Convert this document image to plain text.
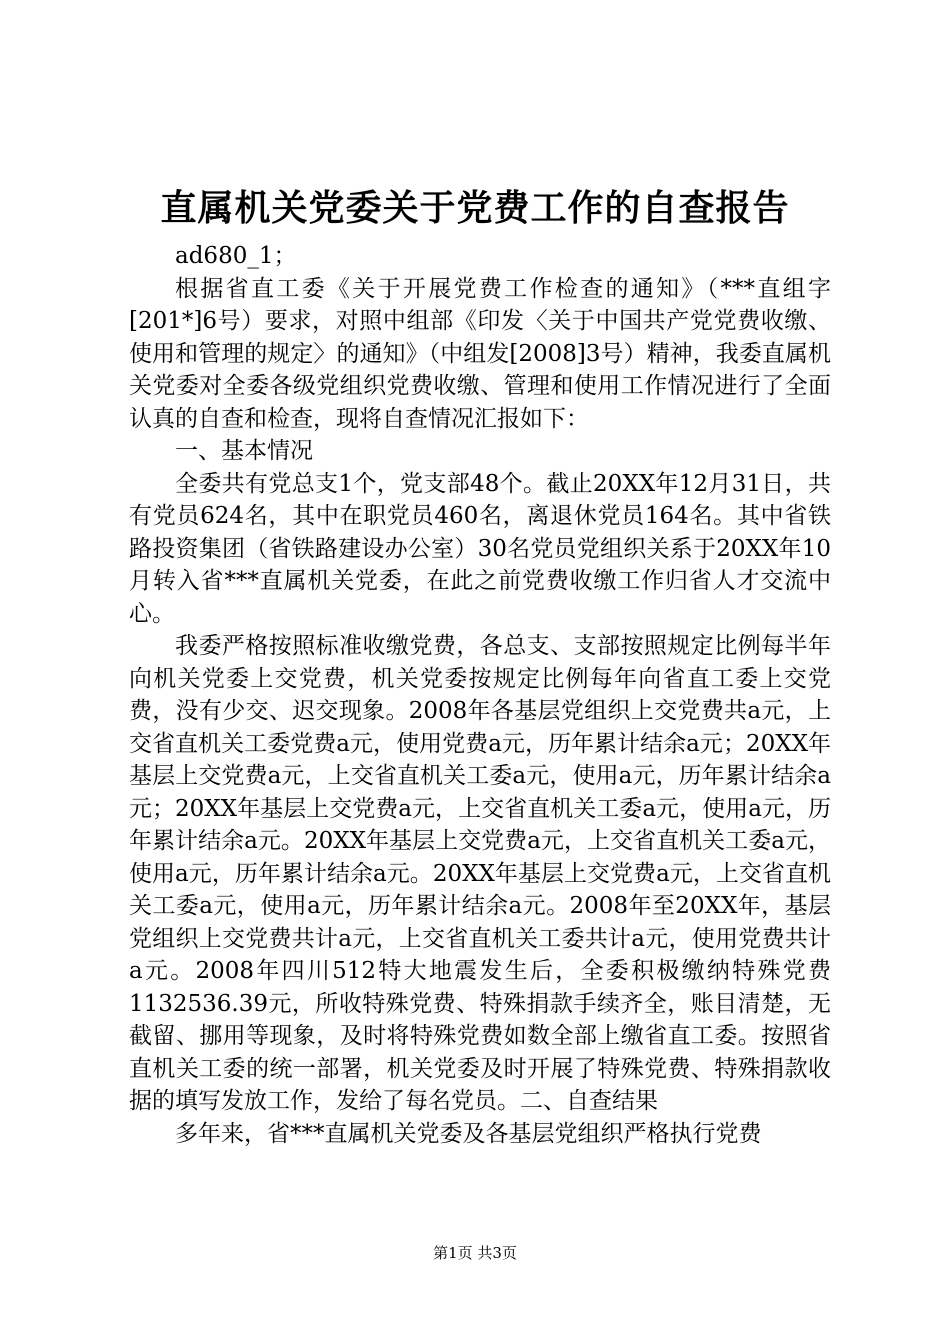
直属机关党委关于党费工作的自查报告

ad680_1；

根据省直工委《关于开展党费工作检查的通知》（***直组字[201*]6号）要求，对照中组部《印发〈关于中国共产党党费收缴、使用和管理的规定〉的通知》（中组发[2008]3号）精神，我委直属机关党委对全委各级党组织党费收缴、管理和使用工作情况进行了全面认真的自查和检查，现将自查情况汇报如下：

一、基本情况

全委共有党总支1个，党支部48个。截止20XX年12月31日，共有党员624名，其中在职党员460名，离退休党员164名。其中省铁路投资集团（省铁路建设办公室）30名党员党组织关系于20XX年10月转入省***直属机关党委，在此之前党费收缴工作归省人才交流中心。

我委严格按照标准收缴党费，各总支、支部按照规定比例每半年向机关党委上交党费，机关党委按规定比例每年向省直工委上交党费，没有少交、迟交现象。2008年各基层党组织上交党费共a元，上交省直机关工委党费a元，使用党费a元，历年累计结余a元；20XX年基层上交党费a元，上交省直机关工委a元，使用a元，历年累计结余a元；20XX年基层上交党费a元，上交省直机关工委a元，使用a元，历年累计结余a元。20XX年基层上交党费a元，上交省直机关工委a元，使用a元，历年累计结余a元。20XX年基层上交党费a元，上交省直机关工委a元，使用a元，历年累计结余a元。2008年至20XX年，基层党组织上交党费共计a元，上交省直机关工委共计a元，使用党费共计a元。2008年四川512特大地震发生后，全委积极缴纳特殊党费1132536.39元，所收特殊党费、特殊捐款手续齐全，账目清楚，无截留、挪用等现象，及时将特殊党费如数全部上缴省直工委。按照省直机关工委的统一部署，机关党委及时开展了特殊党费、特殊捐款收据的填写发放工作，发给了每名党员。二、自查结果

多年来，省***直属机关党委及各基层党组织严格执行党费

第1页 共3页
